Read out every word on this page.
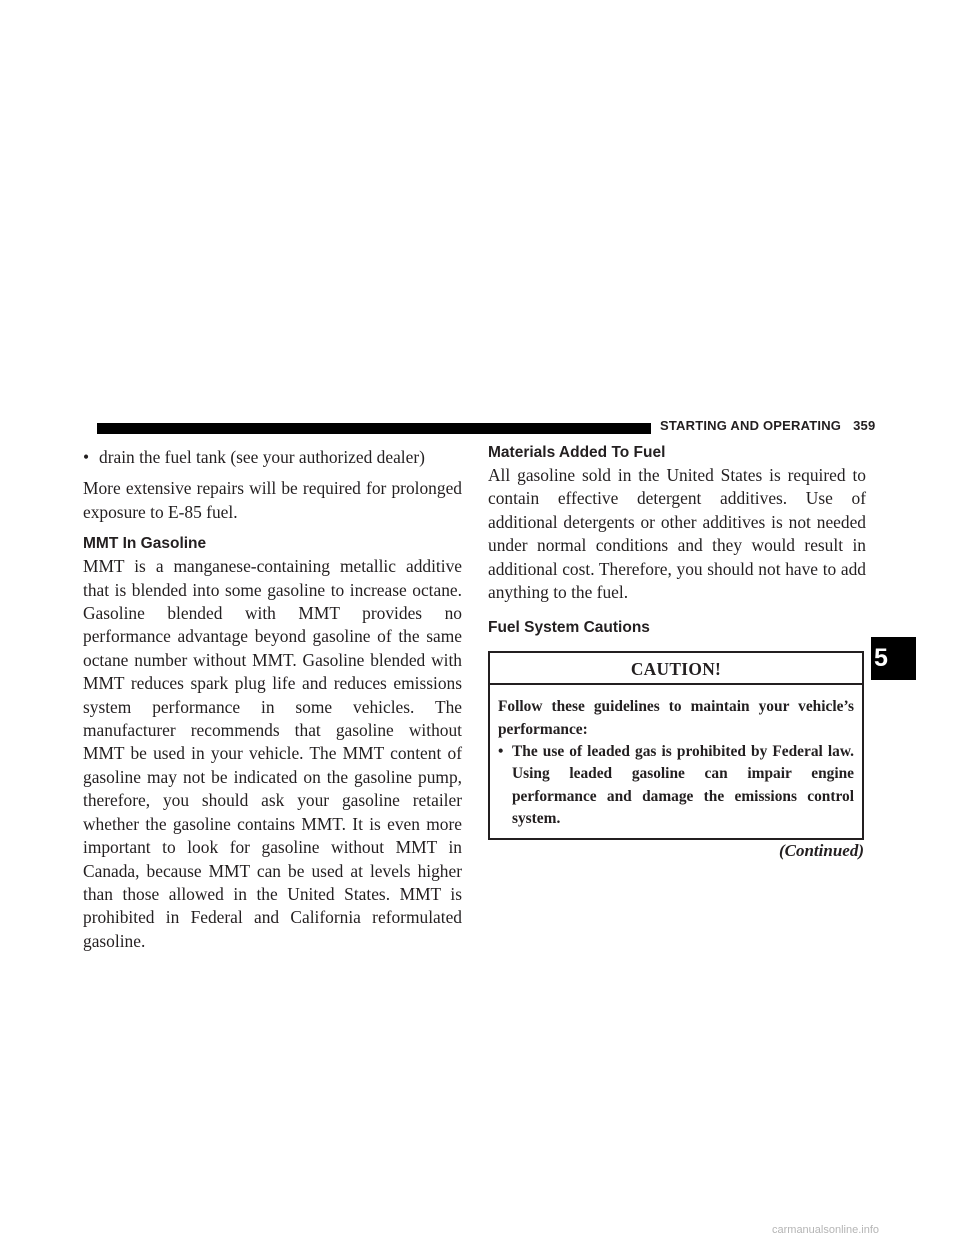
STARTING AND OPERATING 359
• drain the fuel tank (see your authorized dealer)

More extensive repairs will be required for prolonged exposure to E-85 fuel.

MMT In Gasoline

MMT is a manganese-containing metallic additive that is blended into some gasoline to increase octane. Gasoline blended with MMT provides no performance advantage beyond gasoline of the same octane number without MMT. Gasoline blended with MMT reduces spark plug life and reduces emissions system performance in some vehicles. The manufacturer recommends that gasoline without MMT be used in your vehicle. The MMT content of gasoline may not be indicated on the gasoline pump, therefore, you should ask your gasoline retailer whether the gasoline contains MMT. It is even more important to look for gasoline without MMT in Canada, because MMT can be used at levels higher than those allowed in the United States. MMT is prohibited in Federal and California reformulated gasoline.

Materials Added To Fuel

All gasoline sold in the United States is required to contain effective detergent additives. Use of additional detergents or other additives is not needed under normal conditions and they would result in additional cost. Therefore, you should not have to add anything to the fuel.

Fuel System Cautions
CAUTION!
Follow these guidelines to maintain your vehicle’s performance:
• The use of leaded gas is prohibited by Federal law. Using leaded gasoline can impair engine performance and damage the emissions control system.
(Continued)
5
carmanualsonline.info
